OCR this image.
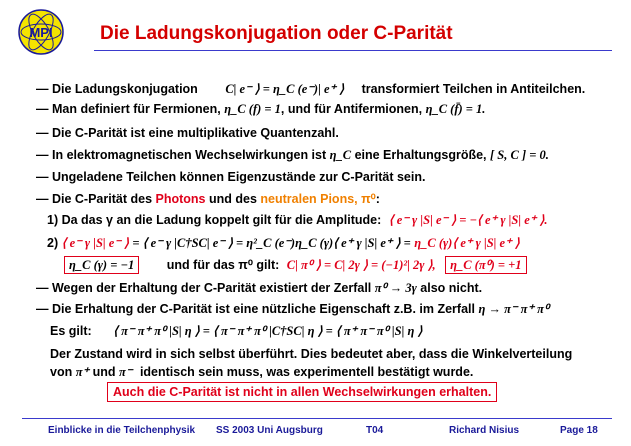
MPI Die Ladungskonjugation oder C-Parität
— Die Ladungskonjugation C| e⁻ ⟩ = η_C (e⁻)| e⁺ ⟩ transformiert Teilchen in Antiteilchen.
— Man definiert für Fermionen, η_C (f) = 1, und für Antifermionen, η_C (f̄) = 1.
— Die C-Parität ist eine multiplikative Quantenzahl.
— In elektromagnetischen Wechselwirkungen ist η_C eine Erhaltungsgröße, [ S, C ] = 0.
— Ungeladene Teilchen können Eigenzustände zur C-Parität sein.
— Die C-Parität des Photons und des neutralen Pions, π⁰:
1) Da das γ an die Ladung koppelt gilt für die Amplitude: ⟨ e⁻ γ |S| e⁻ ⟩ = −⟨ e⁺ γ |S| e⁺ ⟩.
2) ⟨ e⁻ γ |S| e⁻ ⟩ = ⟨ e⁻ γ |C†SC| e⁻ ⟩ = η²_C (e⁻)η_C (γ)⟨ e⁺ γ |S| e⁺ ⟩ = η_C (γ)⟨ e⁺ γ |S| e⁺ ⟩
η_C (γ) = −1	und für das π⁰ gilt: C| π⁰ ⟩ = C| 2γ ⟩ = (−1)²| 2γ ⟩, η_C (π⁰) = +1
— Wegen der Erhaltung der C-Parität existiert der Zerfall π⁰ → 3γ also nicht.
— Die Erhaltung der C-Parität ist eine nützliche Eigenschaft z.B. im Zerfall η → π⁻ π⁺ π⁰
Es gilt: ⟨ π⁻ π⁺ π⁰ |S| η ⟩ = ⟨ π⁻ π⁺ π⁰ |C†SC| η ⟩ = ⟨ π⁺ π⁻ π⁰ |S| η ⟩
Der Zustand wird in sich selbst überführt. Dies bedeutet aber, dass die Winkelverteilung
von π⁺ und π⁻ identisch sein muss, was experimentell bestätigt wurde.
Auch die C-Parität ist nicht in allen Wechselwirkungen erhalten.
Einblicke in die Teilchenphysik SS 2003 Uni Augsburg	T04	Richard Nisius	Page 18
